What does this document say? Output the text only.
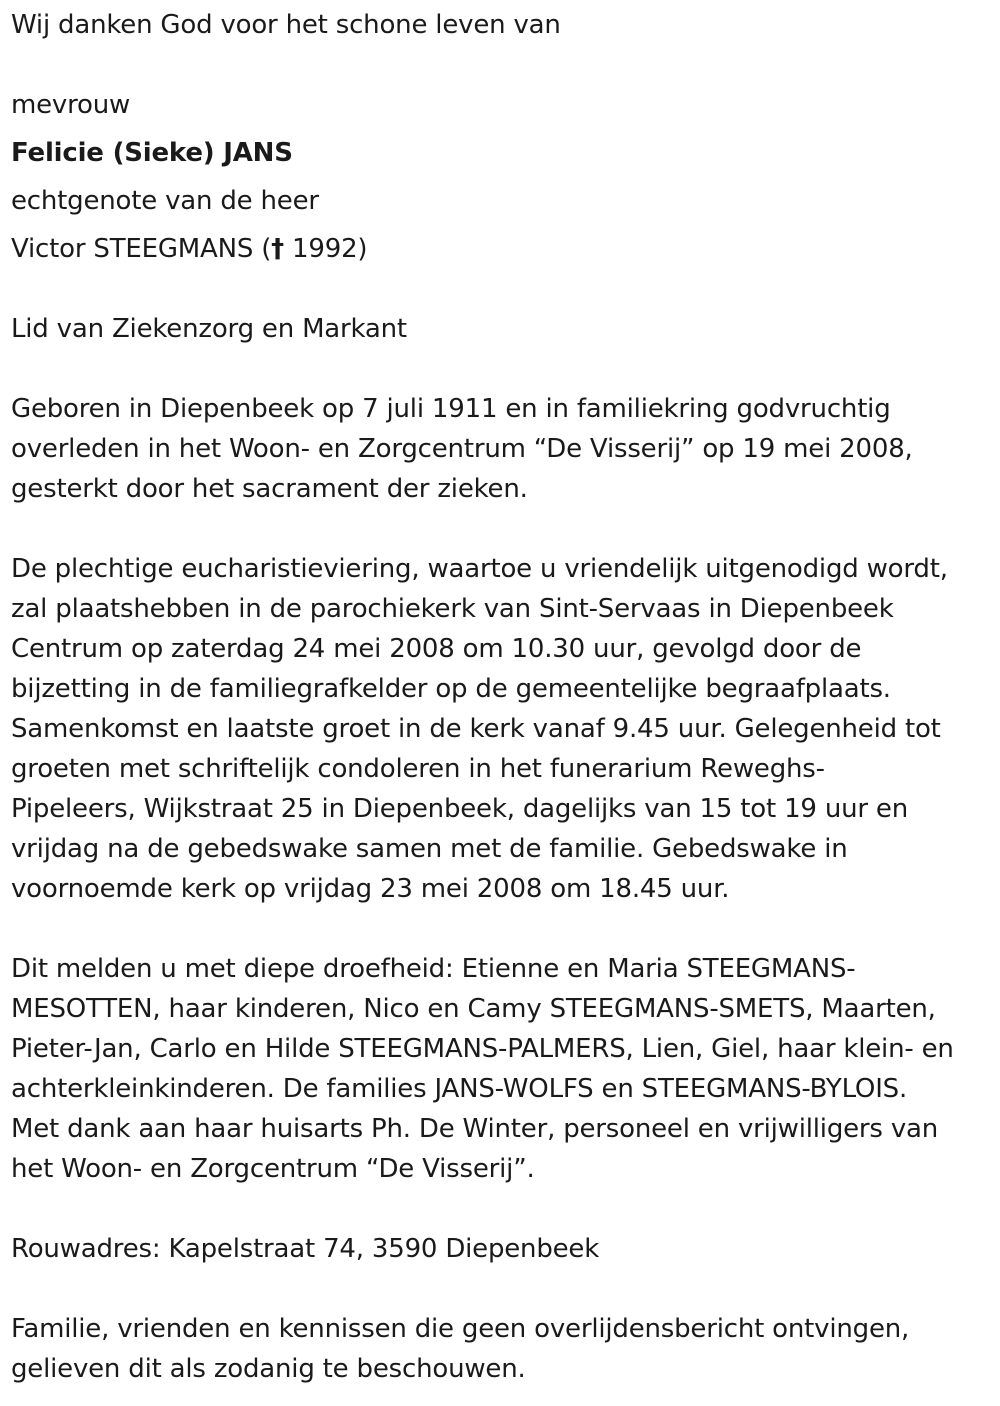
Wij danken God voor het schone leven van
mevrouw
Felicie (Sieke) JANS
echtgenote van de heer
Victor STEEGMANS († 1992)
Lid van Ziekenzorg en Markant
Geboren in Diepenbeek op 7 juli 1911 en in familiekring godvruchtig
overleden in het Woon- en Zorgcentrum “De Visserij” op 19 mei 2008,
gesterkt door het sacrament der zieken.
De plechtige eucharistieviering, waartoe u vriendelijk uitgenodigd wordt,
zal plaatshebben in de parochiekerk van Sint-Servaas in Diepenbeek
Centrum op zaterdag 24 mei 2008 om 10.30 uur, gevolgd door de
bijzetting in de familiegrafkelder op de gemeentelijke begraafplaats.
Samenkomst en laatste groet in de kerk vanaf 9.45 uur. Gelegenheid tot
groeten met schriftelijk condoleren in het funerarium Reweghs-
Pipeleers, Wijkstraat 25 in Diepenbeek, dagelijks van 15 tot 19 uur en
vrijdag na de gebedswake samen met de familie. Gebedswake in
voornoemde kerk op vrijdag 23 mei 2008 om 18.45 uur.
Dit melden u met diepe droefheid: Etienne en Maria STEEGMANS-
MESOTTEN, haar kinderen, Nico en Camy STEEGMANS-SMETS, Maarten,
Pieter-Jan, Carlo en Hilde STEEGMANS-PALMERS, Lien, Giel, haar klein- en
achterkleinkinderen. De families JANS-WOLFS en STEEGMANS-BYLOIS.
Met dank aan haar huisarts Ph. De Winter, personeel en vrijwilligers van
het Woon- en Zorgcentrum “De Visserij”.
Rouwadres: Kapelstraat 74, 3590 Diepenbeek
Familie, vrienden en kennissen die geen overlijdensbericht ontvingen,
gelieven dit als zodanig te beschouwen.
